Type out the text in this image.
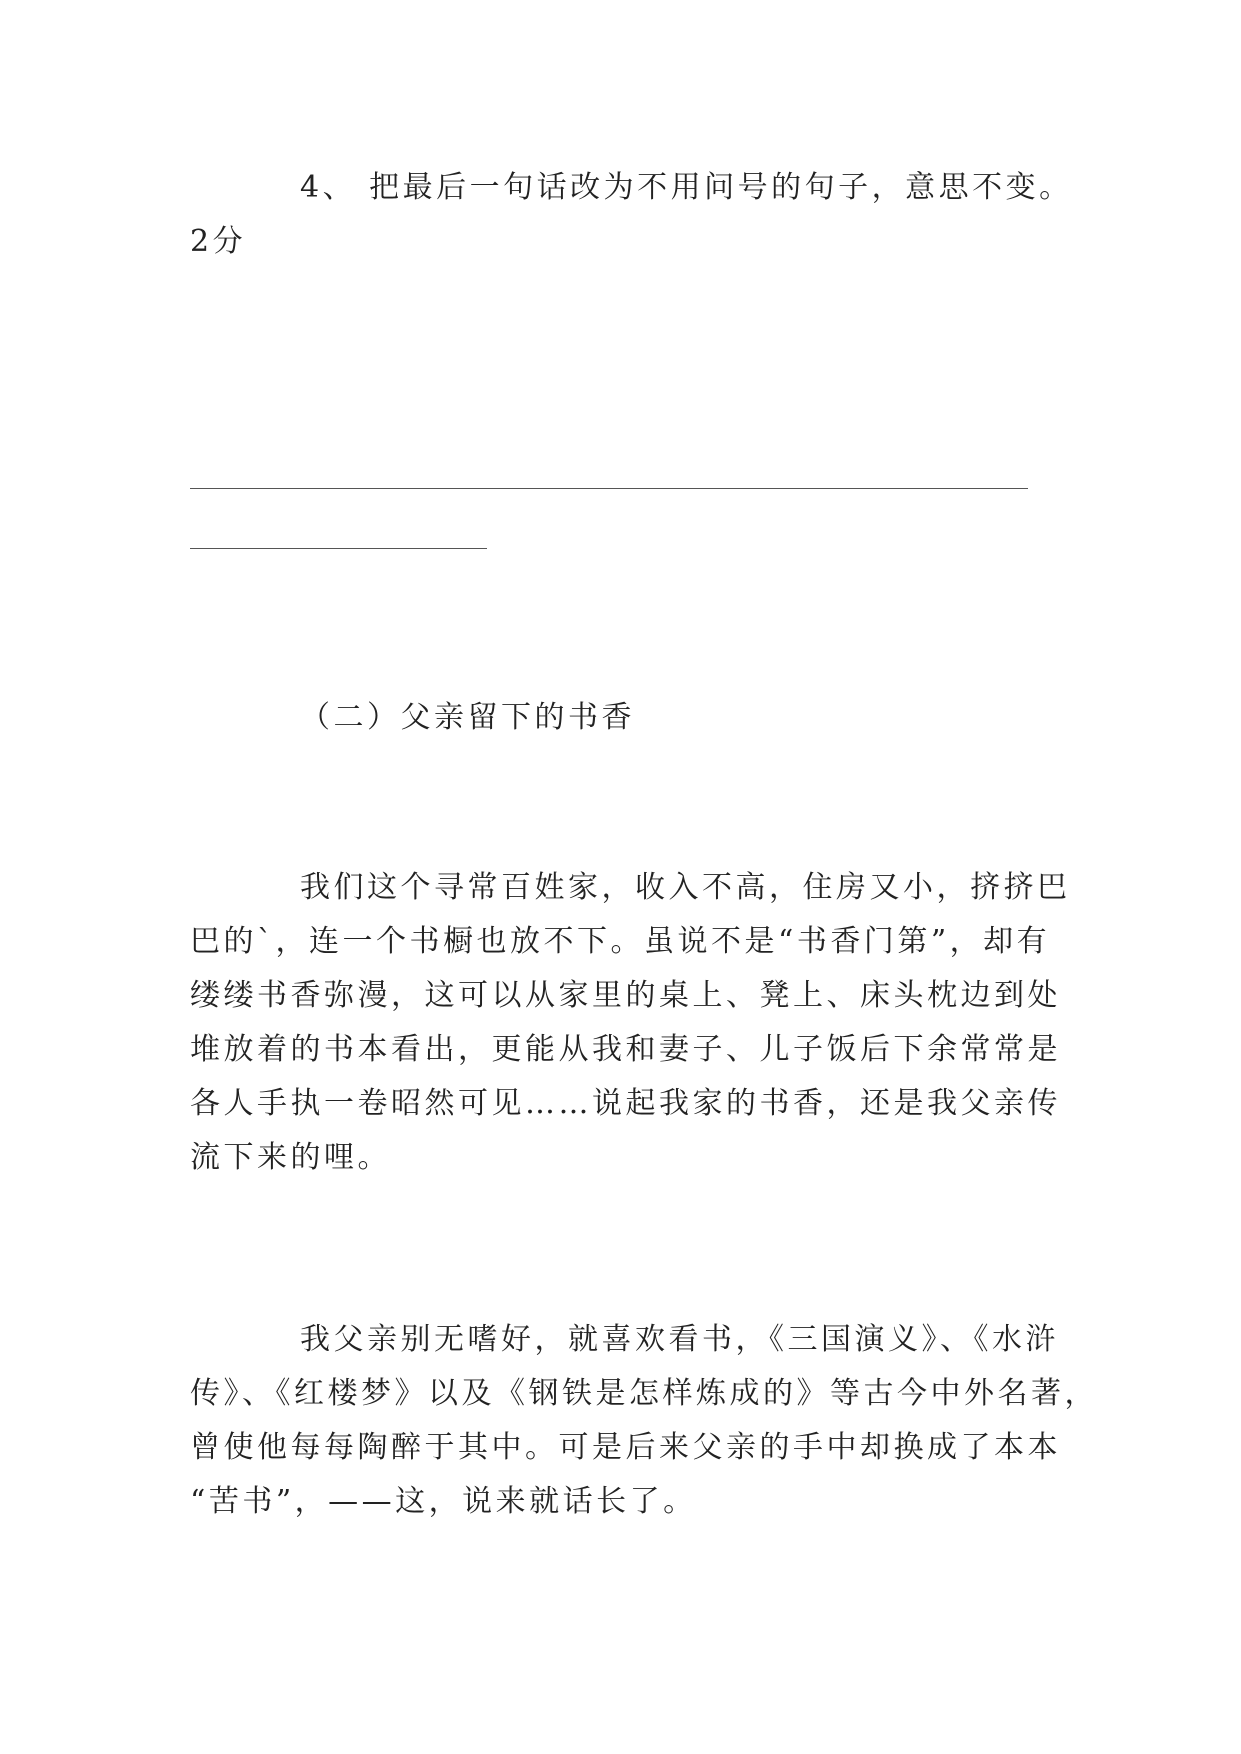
4、 把最后一句话改为不用问号的句子，意思不变。
2分
（二）父亲留下的书香
我们这个寻常百姓家，收入不高，住房又小，挤挤巴
巴的`，连一个书橱也放不下。虽说不是“书香门第”，却有
缕缕书香弥漫，这可以从家里的桌上、凳上、床头枕边到处
堆放着的书本看出，更能从我和妻子、儿子饭后下余常常是
各人手执一卷昭然可见……说起我家的书香，还是我父亲传
流下来的哩。
我父亲别无嗜好，就喜欢看书，《三国演义》、《水浒
传》、《红楼梦》以及《钢铁是怎样炼成的》等古今中外名著，
曾使他每每陶醉于其中。可是后来父亲的手中却换成了本本
“苦书”，——这，说来就话长了。
